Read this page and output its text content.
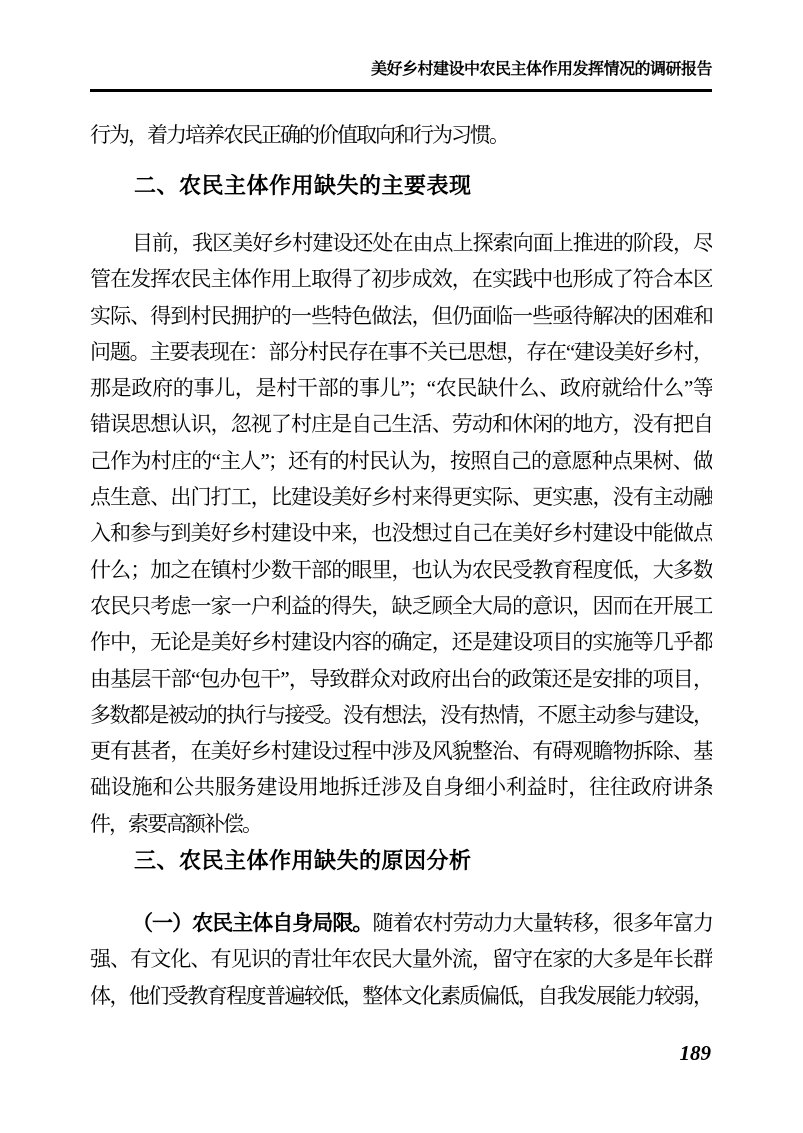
美好乡村建设中农民主体作用发挥情况的调研报告
行为，着力培养农民正确的价值取向和行为习惯。
二、农民主体作用缺失的主要表现
目前，我区美好乡村建设还处在由点上探索向面上推进的阶段，尽
管在发挥农民主体作用上取得了初步成效，在实践中也形成了符合本区
实际、得到村民拥护的一些特色做法，但仍面临一些亟待解决的困难和
问题。主要表现在：部分村民存在事不关已思想，存在“建设美好乡村，
那是政府的事儿，是村干部的事儿”；“农民缺什么、政府就给什么”等
错误思想认识，忽视了村庄是自己生活、劳动和休闲的地方，没有把自
己作为村庄的“主人”；还有的村民认为，按照自己的意愿种点果树、做
点生意、出门打工，比建设美好乡村来得更实际、更实惠，没有主动融
入和参与到美好乡村建设中来，也没想过自己在美好乡村建设中能做点
什么；加之在镇村少数干部的眼里，也认为农民受教育程度低，大多数
农民只考虑一家一户利益的得失，缺乏顾全大局的意识，因而在开展工
作中，无论是美好乡村建设内容的确定，还是建设项目的实施等几乎都
由基层干部“包办包干”，导致群众对政府出台的政策还是安排的项目，
多数都是被动的执行与接受。没有想法，没有热情，不愿主动参与建设，
更有甚者，在美好乡村建设过程中涉及风貌整治、有碍观瞻物拆除、基
础设施和公共服务建设用地拆迁涉及自身细小利益时，往往政府讲条
件，索要高额补偿。
三、农民主体作用缺失的原因分析
（一）农民主体自身局限。随着农村劳动力大量转移，很多年富力
强、有文化、有见识的青壮年农民大量外流，留守在家的大多是年长群
体，他们受教育程度普遍较低，整体文化素质偏低，自我发展能力较弱，
189
